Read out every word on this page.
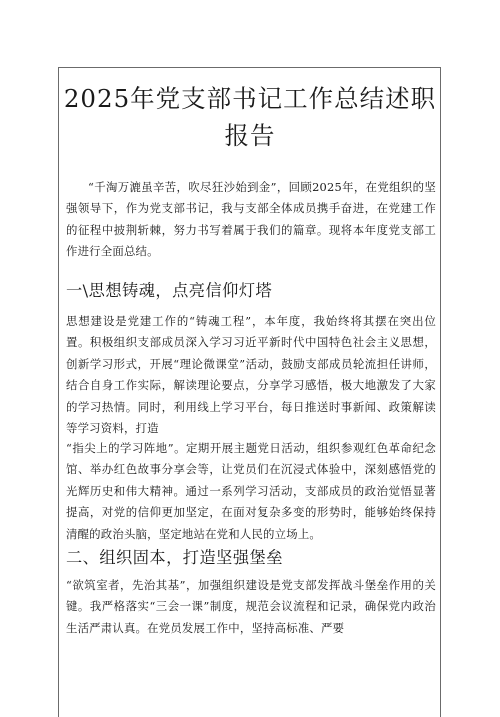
2025年党支部书记工作总结述职
报告

“千淘万漉虽辛苦，吹尽狂沙始到金”，回顾2025年，在党组织的坚强领导下，作为党支部书记，我与支部全体成员携手奋进，在党建工作的征程中披荆斩棘，努力书写着属于我们的篇章。现将本年度党支部工作进行全面总结。

一\思想铸魂，点亮信仰灯塔

思想建设是党建工作的“铸魂工程”，本年度，我始终将其摆在突出位置。积极组织支部成员深入学习习近平新时代中国特色社会主义思想，创新学习形式，开展“理论微课堂”活动，鼓励支部成员轮流担任讲师，结合自身工作实际，解读理论要点，分享学习感悟，极大地激发了大家的学习热情。同时，利用线上学习平台，每日推送时事新闻、政策解读等学习资料，打造

“指尖上的学习阵地”。定期开展主题党日活动，组织参观红色革命纪念馆、举办红色故事分享会等，让党员们在沉浸式体验中，深刻感悟党的光辉历史和伟大精神。通过一系列学习活动，支部成员的政治觉悟显著提高，对党的信仰更加坚定，在面对复杂多变的形势时，能够始终保持清醒的政治头脑，坚定地站在党和人民的立场上。

二、组织固本，打造坚强堡垒

“欲筑室者，先治其基”，加强组织建设是党支部发挥战斗堡垒作用的关键。我严格落实“三会一课”制度，规范会议流程和记录，确保党内政治生活严肃认真。在党员发展工作中，坚持高标准、严要
